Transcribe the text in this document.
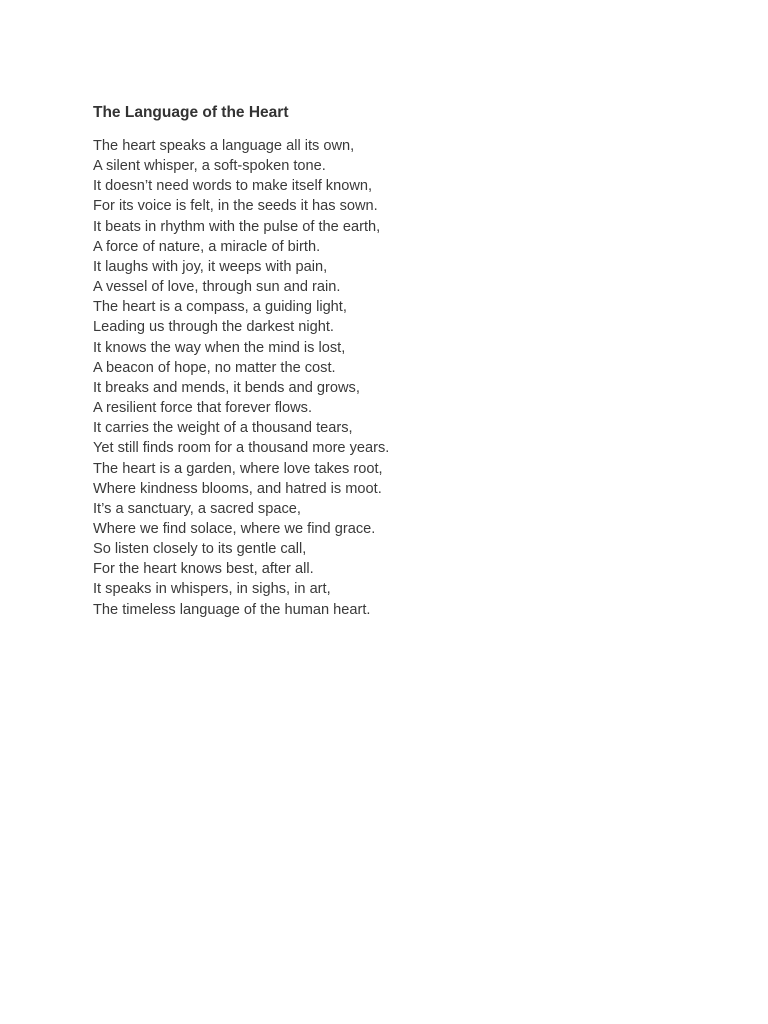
The Language of the Heart
The heart speaks a language all its own,
A silent whisper, a soft-spoken tone.
It doesn’t need words to make itself known,
For its voice is felt, in the seeds it has sown.
It beats in rhythm with the pulse of the earth,
A force of nature, a miracle of birth.
It laughs with joy, it weeps with pain,
A vessel of love, through sun and rain.
The heart is a compass, a guiding light,
Leading us through the darkest night.
It knows the way when the mind is lost,
A beacon of hope, no matter the cost.
It breaks and mends, it bends and grows,
A resilient force that forever flows.
It carries the weight of a thousand tears,
Yet still finds room for a thousand more years.
The heart is a garden, where love takes root,
Where kindness blooms, and hatred is moot.
It’s a sanctuary, a sacred space,
Where we find solace, where we find grace.
So listen closely to its gentle call,
For the heart knows best, after all.
It speaks in whispers, in sighs, in art,
The timeless language of the human heart.
